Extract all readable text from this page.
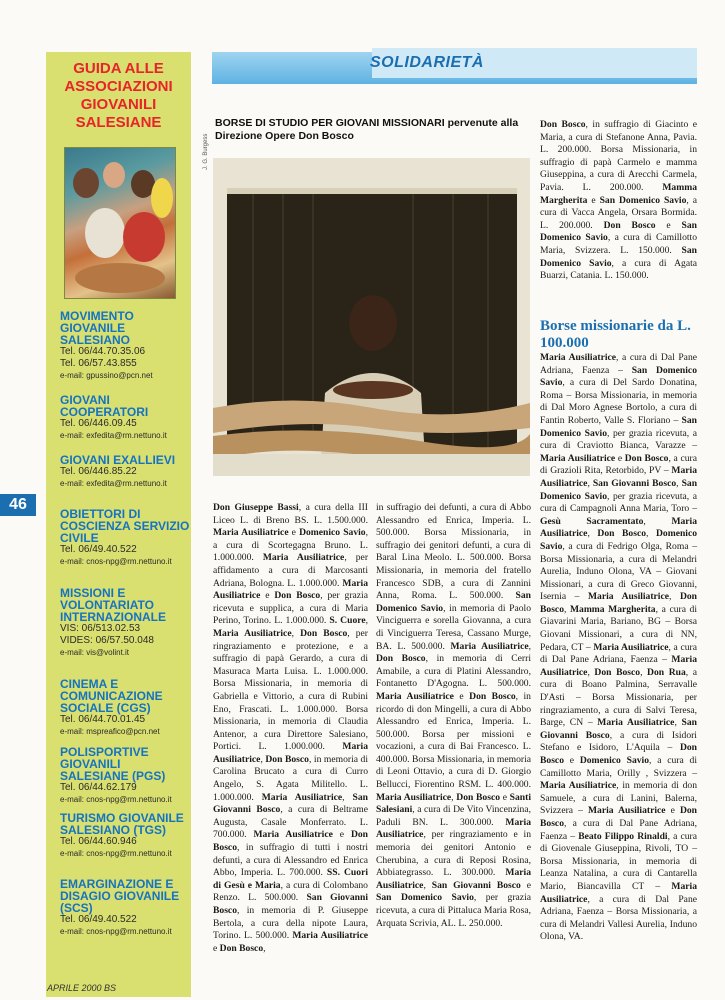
GUIDA ALLE ASSOCIAZIONI GIOVANILI SALESIANE
MOVIMENTO GIOVANILE SALESIANO
Tel. 06/44.70.35.06
Tel. 06/57.43.855
e-mail: gpussino@pcn.net
GIOVANI COOPERATORI
Tel. 06/446.09.45
e-mail: exfedita@rm.nettuno.it
GIOVANI EXALLIEVI
Tel. 06/446.85.22
e-mail: exfedita@rm.nettuno.it
OBIETTORI DI COSCIENZA SERVIZIO CIVILE
Tel. 06/49.40.522
e-mail: cnos-npg@rm.nettuno.it
MISSIONI E VOLONTARIATO INTERNAZIONALE
VIS: 06/513.02.53
VIDES: 06/57.50.048
e-mail: vis@volint.it
CINEMA E COMUNICAZIONE SOCIALE (CGS)
Tel. 06/44.70.01.45
e-mail: mspreafico@pcn.net
POLISPORTIVE GIOVANILI SALESIANE (PGS)
Tel. 06/44.62.179
e-mail: cnos-npg@rm.nettuno.it
TURISMO GIOVANILE SALESIANO (TGS)
Tel. 06/44.60.946
e-mail: cnos-npg@rm.nettuno.it
EMARGINAZIONE E DISAGIO GIOVANILE (SCS)
Tel. 06/49.40.522
e-mail: cnos-npg@rm.nettuno.it
46
SOLIDARIETÀ
BORSE DI STUDIO PER GIOVANI MISSIONARI pervenute alla Direzione Opere Don Bosco
J. G. Burgess

Don Giuseppe Bassi, a cura della III Liceo L. di Breno BS. L. 1.500.000. Maria Ausiliatrice e Domenico Savio, a cura di Scortegagna Bruno. L. 1.000.000. Maria Ausiliatrice, per affidamento a cura di Marcosanti Adriana, Bologna. L. 1.000.000. Maria Ausiliatrice e Don Bosco, per grazia ricevuta e supplica, a cura di Maria Perino, Torino. L. 1.000.000. S. Cuore, Maria Ausiliatrice, Don Bosco, per ringraziamento e protezione, e a suffragio di papà Gerardo, a cura di Masuraca Marta Luisa. L. 1.000.000. Borsa Missionaria, in memoria di Gabriella e Vittorio, a cura di Rubini Eno, Frascati. L. 1.000.000. Borsa Missionaria, in memoria di Claudia Antenor, a cura Direttore Salesiano, Portici. L. 1.000.000. Maria Ausiliatrice, Don Bosco, in memoria di Carolina Brucato a cura di Curro Angelo, S. Agata Militello. L. 1.000.000. Maria Ausiliatrice, San Giovanni Bosco, a cura di Beltrame Augusta, Casale Monferrato. L. 700.000. Maria Ausiliatrice e Don Bosco, in suffragio di tutti i nostri defunti, a cura di Alessandro ed Enrica Abbo, Imperia. L. 700.000. SS. Cuori di Gesù e Maria, a cura di Colombano Renzo. L. 500.000. San Giovanni Bosco, in memoria di P. Giuseppe Bertola, a cura della nipote Laura, Torino. L. 500.000. Maria Ausiliatrice e Don Bosco,

in suffragio dei defunti, a cura di Abbo Alessandro ed Enrica, Imperia. L. 500.000. Borsa Missionaria, in suffragio dei genitori defunti, a cura di Baral Lina Meolo. L. 500.000. Borsa Missionaria, in memoria del fratello Francesco SDB, a cura di Zannini Anna, Roma. L. 500.000. San Domenico Savio, in memoria di Paolo Vinciguerra e sorella Giovanna, a cura di Vinciguerra Teresa, Cassano Murge, BA. L. 500.000. Maria Ausiliatrice, Don Bosco, in memoria di Cerri Amabile, a cura di Platini Alessandro, Fontanetto D'Agogna. L. 500.000. Maria Ausiliatrice e Don Bosco, in ricordo di don Mingelli, a cura di Abbo Alessandro ed Enrica, Imperia. L. 500.000. Borsa per missioni e vocazioni, a cura di Bai Francesco. L. 400.000. Borsa Missionaria, in memoria di Leoni Ottavio, a cura di D. Giorgio Bellucci, Fiorentino RSM. L. 400.000. Maria Ausiliatrice, Don Bosco e Santi Salesiani, a cura di De Vito Vincenzina, Paduli BN. L. 300.000. Maria Ausiliatrice, per ringraziamento e in memoria dei genitori Antonio e Cherubina, a cura di Reposi Rosina, Abbiategrasso. L. 300.000. Maria Ausiliatrice, San Giovanni Bosco e San Domenico Savio, per grazia ricevuta, a cura di Pittaluca Maria Rosa, Arquata Scrivia, AL. L. 250.000.

Don Bosco, in suffragio di Giacinto e Maria, a cura di Stefanone Anna, Pavia. L. 200.000. Borsa Missionaria, in suffragio di papà Carmelo e mamma Giuseppina, a cura di Arecchi Carmela, Pavia. L. 200.000. Mamma Margherita e San Domenico Savio, a cura di Vacca Angela, Orsara Bormida. L. 200.000. Don Bosco e San Domenico Savio, a cura di Camillotto Maria, Svizzera. L. 150.000. San Domenico Savio, a cura di Agata Buarzi, Catania. L. 150.000.

Borse missionarie da L. 100.000

Maria Ausiliatrice, a cura di Dal Pane Adriana, Faenza – San Domenico Savio, a cura di Del Sardo Donatina, Roma – Borsa Missionaria, in memoria di Dal Moro Agnese Bortolo, a cura di Fantin Roberto, Valle S. Floriano – San Domenico Savio, per grazia ricevuta, a cura di Craviotto Bianca, Varazze – Maria Ausiliatrice e Don Bosco, a cura di Grazioli Rita, Retorbido, PV – Maria Ausiliatrice, San Giovanni Bosco, San Domenico Savio, per grazia ricevuta, a cura di Campagnoli Anna Maria, Toro – Gesù Sacramentato, Maria Ausiliatrice, Don Bosco, Domenico Savio, a cura di Fedrigo Olga, Roma – Borsa Missionaria, a cura di Melandri Aurelia, Induno Olona, VA – Giovani Missionari, a cura di Greco Giovanni, Isernia – Maria Ausiliatrice, Don Bosco, Mamma Margherita, a cura di Giavarini Maria, Bariano, BG – Borsa Giovani Missionari, a cura di NN, Pedara, CT – Maria Ausiliatrice, a cura di Dal Pane Adriana, Faenza – Maria Ausiliatrice, Don Bosco, Don Rua, a cura di Boano Palmina, Serravalle D'Asti – Borsa Missionaria, per ringraziamento, a cura di Salvi Teresa, Barge, CN – Maria Ausiliatrice, San Giovanni Bosco, a cura di Isidori Stefano e Isidoro, L'Aquila – Don Bosco e Domenico Savio, a cura di Camillotto Maria, Orilly , Svizzera – Maria Ausiliatrice, in memoria di don Samuele, a cura di Lanini, Balerna, Svizzera – Maria Ausiliatrice e Don Bosco, a cura di Dal Pane Adriana, Faenza – Beato Filippo Rinaldi, a cura di Giovenale Giuseppina, Rivoli, TO – Borsa Missionaria, in memoria di Leanza Natalina, a cura di Cantarella Mario, Biancavilla CT – Maria Ausiliatrice, a cura di Dal Pane Adriana, Faenza – Borsa Missionaria, a cura di Melandri Vallesi Aurelia, Induno Olona, VA.

APRILE 2000 BS
